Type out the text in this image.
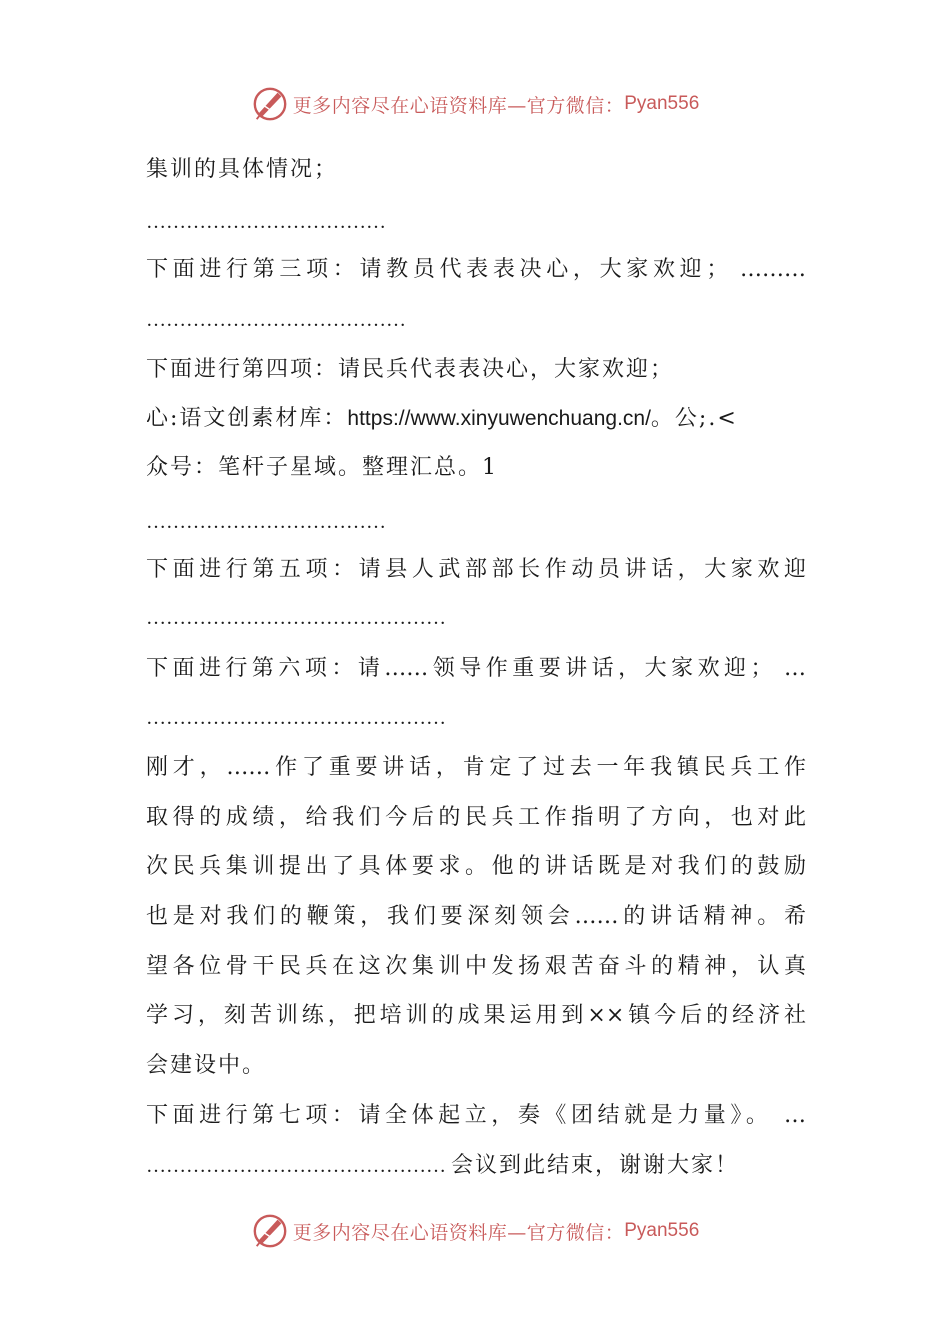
更多内容尽在心语资料库—官方微信： Pyan556
集训的具体情况；
………………………………
下面进行第三项：请教员代表表决心，大家欢迎； ………
…………………………………
下面进行第四项：请民兵代表表决心，大家欢迎；
心:语文创素材库：https://www.xinyuwenchuang.cn/。公;.<
众号：笔杆子星域。整理汇总。1
………………………………
下面进行第五项：请县人武部部长作动员讲话，大家欢迎
………………………………………
下面进行第六项：请……领导作重要讲话，大家欢迎； …
………………………………………
刚才，……作了重要讲话，肯定了过去一年我镇民兵工作
取得的成绩，给我们今后的民兵工作指明了方向，也对此
次民兵集训提出了具体要求。他的讲话既是对我们的鼓励
也是对我们的鞭策，我们要深刻领会……的讲话精神。希
望各位骨干民兵在这次集训中发扬艰苦奋斗的精神，认真
学习，刻苦训练，把培训的成果运用到××镇今后的经济社
会建设中。
下面进行第七项：请全体起立，奏《团结就是力量》。 …
……………………………………… 会议到此结束，谢谢大家！
更多内容尽在心语资料库—官方微信： Pyan556
